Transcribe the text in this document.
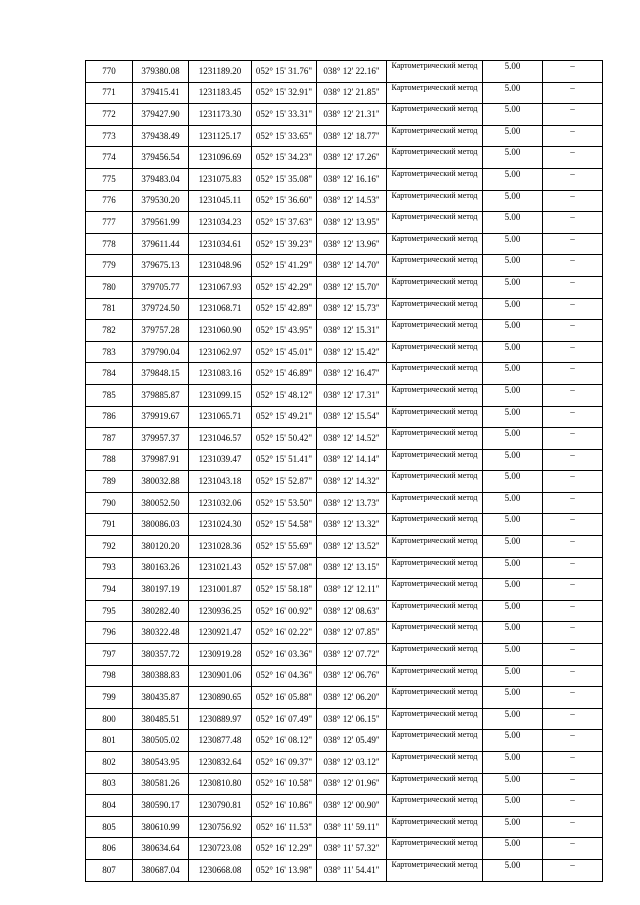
770	379380.08	1231189.20	052° 15' 31.76"	038° 12' 22.16"	Картометрический метод	5.00	–
771	379415.41	1231183.45	052° 15' 32.91"	038° 12' 21.85"	Картометрический метод	5.00	–
772	379427.90	1231173.30	052° 15' 33.31"	038° 12' 21.31"	Картометрический метод	5.00	–
773	379438.49	1231125.17	052° 15' 33.65"	038° 12' 18.77"	Картометрический метод	5.00	–
774	379456.54	1231096.69	052° 15' 34.23"	038° 12' 17.26"	Картометрический метод	5.00	–
775	379483.04	1231075.83	052° 15' 35.08"	038° 12' 16.16"	Картометрический метод	5.00	–
776	379530.20	1231045.11	052° 15' 36.60"	038° 12' 14.53"	Картометрический метод	5.00	–
777	379561.99	1231034.23	052° 15' 37.63"	038° 12' 13.95"	Картометрический метод	5.00	–
778	379611.44	1231034.61	052° 15' 39.23"	038° 12' 13.96"	Картометрический метод	5.00	–
779	379675.13	1231048.96	052° 15' 41.29"	038° 12' 14.70"	Картометрический метод	5.00	–
780	379705.77	1231067.93	052° 15' 42.29"	038° 12' 15.70"	Картометрический метод	5.00	–
781	379724.50	1231068.71	052° 15' 42.89"	038° 12' 15.73"	Картометрический метод	5.00	–
782	379757.28	1231060.90	052° 15' 43.95"	038° 12' 15.31"	Картометрический метод	5.00	–
783	379790.04	1231062.97	052° 15' 45.01"	038° 12' 15.42"	Картометрический метод	5.00	–
784	379848.15	1231083.16	052° 15' 46.89"	038° 12' 16.47"	Картометрический метод	5.00	–
785	379885.87	1231099.15	052° 15' 48.12"	038° 12' 17.31"	Картометрический метод	5.00	–
786	379919.67	1231065.71	052° 15' 49.21"	038° 12' 15.54"	Картометрический метод	5.00	–
787	379957.37	1231046.57	052° 15' 50.42"	038° 12' 14.52"	Картометрический метод	5.00	–
788	379987.91	1231039.47	052° 15' 51.41"	038° 12' 14.14"	Картометрический метод	5.00	–
789	380032.88	1231043.18	052° 15' 52.87"	038° 12' 14.32"	Картометрический метод	5.00	–
790	380052.50	1231032.06	052° 15' 53.50"	038° 12' 13.73"	Картометрический метод	5.00	–
791	380086.03	1231024.30	052° 15' 54.58"	038° 12' 13.32"	Картометрический метод	5.00	–
792	380120.20	1231028.36	052° 15' 55.69"	038° 12' 13.52"	Картометрический метод	5.00	–
793	380163.26	1231021.43	052° 15' 57.08"	038° 12' 13.15"	Картометрический метод	5.00	–
794	380197.19	1231001.87	052° 15' 58.18"	038° 12' 12.11"	Картометрический метод	5.00	–
795	380282.40	1230936.25	052° 16' 00.92"	038° 12' 08.63"	Картометрический метод	5.00	–
796	380322.48	1230921.47	052° 16' 02.22"	038° 12' 07.85"	Картометрический метод	5.00	–
797	380357.72	1230919.28	052° 16' 03.36"	038° 12' 07.72"	Картометрический метод	5.00	–
798	380388.83	1230901.06	052° 16' 04.36"	038° 12' 06.76"	Картометрический метод	5.00	–
799	380435.87	1230890.65	052° 16' 05.88"	038° 12' 06.20"	Картометрический метод	5.00	–
800	380485.51	1230889.97	052° 16' 07.49"	038° 12' 06.15"	Картометрический метод	5.00	–
801	380505.02	1230877.48	052° 16' 08.12"	038° 12' 05.49"	Картометрический метод	5.00	–
802	380543.95	1230832.64	052° 16' 09.37"	038° 12' 03.12"	Картометрический метод	5.00	–
803	380581.26	1230810.80	052° 16' 10.58"	038° 12' 01.96"	Картометрический метод	5.00	–
804	380590.17	1230790.81	052° 16' 10.86"	038° 12' 00.90"	Картометрический метод	5.00	–
805	380610.99	1230756.92	052° 16' 11.53"	038° 11' 59.11"	Картометрический метод	5.00	–
806	380634.64	1230723.08	052° 16' 12.29"	038° 11' 57.32"	Картометрический метод	5.00	–
807	380687.04	1230668.08	052° 16' 13.98"	038° 11' 54.41"	Картометрический метод	5.00	–
